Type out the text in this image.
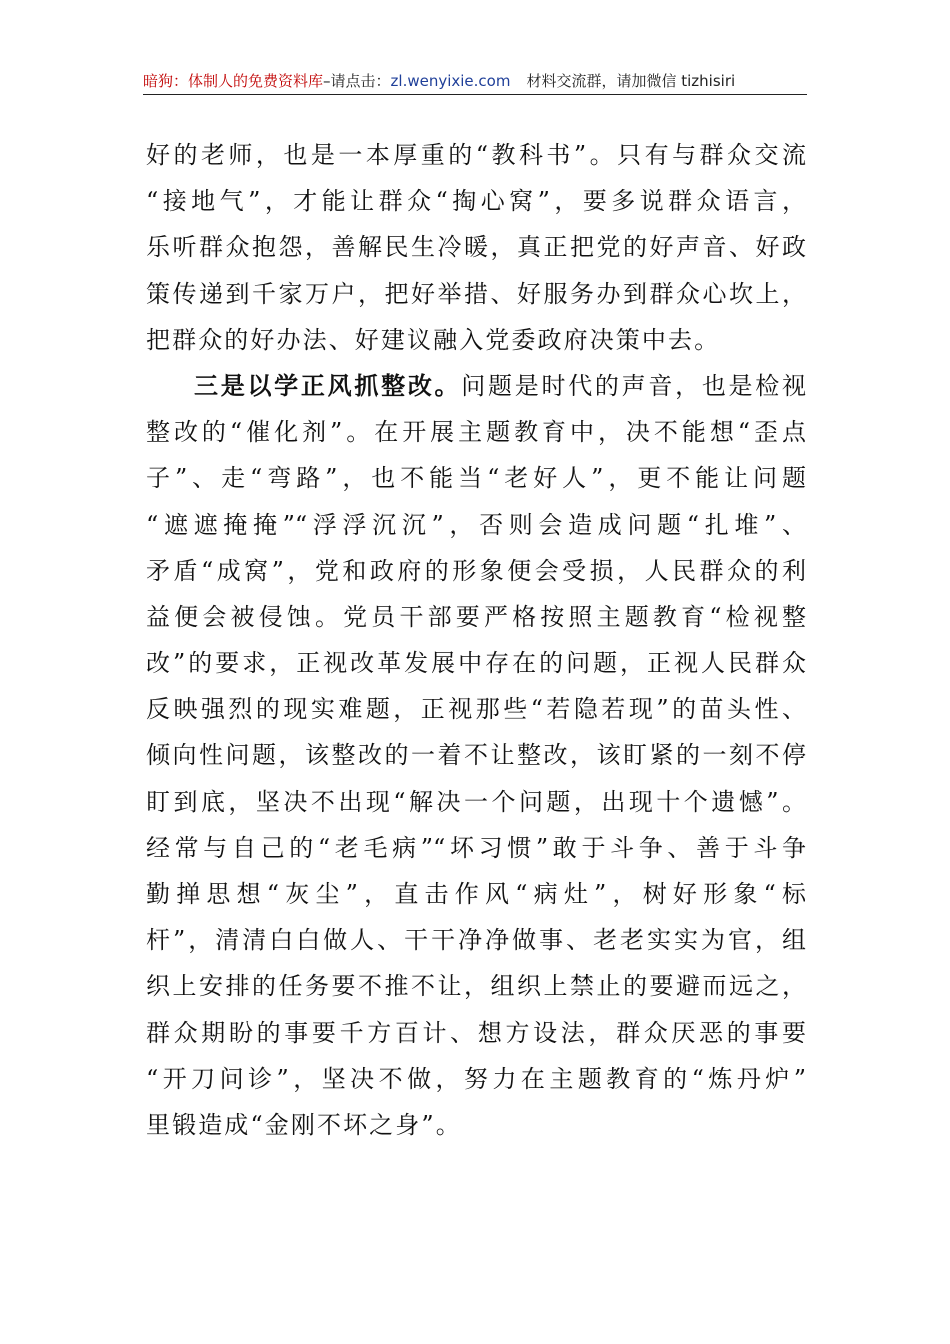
暗狗：体制人的免费资料库–请点击：zl.wenyixie.com 材料交流群，请加微信 tizhisiri
好的老师，也是一本厚重的“教科书”。只有与群众交流
“接地气”，才能让群众“掏心窝”，要多说群众语言，
乐听群众抱怨，善解民生冷暖，真正把党的好声音、好政
策传递到千家万户，把好举措、好服务办到群众心坎上，
把群众的好办法、好建议融入党委政府决策中去。
三是以学正风抓整改。问题是时代的声音，也是检视
整改的“催化剂”。在开展主题教育中，决不能想“歪点
子”、走“弯路”，也不能当“老好人”，更不能让问题
“遮遮掩掩”“浮浮沉沉”，否则会造成问题“扎堆”、
矛盾“成窝”，党和政府的形象便会受损，人民群众的利
益便会被侵蚀。党员干部要严格按照主题教育“检视整
改”的要求，正视改革发展中存在的问题，正视人民群众
反映强烈的现实难题，正视那些“若隐若现”的苗头性、
倾向性问题，该整改的一着不让整改，该盯紧的一刻不停
盯到底，坚决不出现“解决一个问题，出现十个遗憾”。
经常与自己的“老毛病”“坏习惯”敢于斗争、善于斗争
勤掸思想“灰尘”，直击作风“病灶”，树好形象“标
杆”，清清白白做人、干干净净做事、老老实实为官，组
织上安排的任务要不推不让，组织上禁止的要避而远之，
群众期盼的事要千方百计、想方设法，群众厌恶的事要
“开刀问诊”，坚决不做，努力在主题教育的“炼丹炉”
里锻造成“金刚不坏之身”。
